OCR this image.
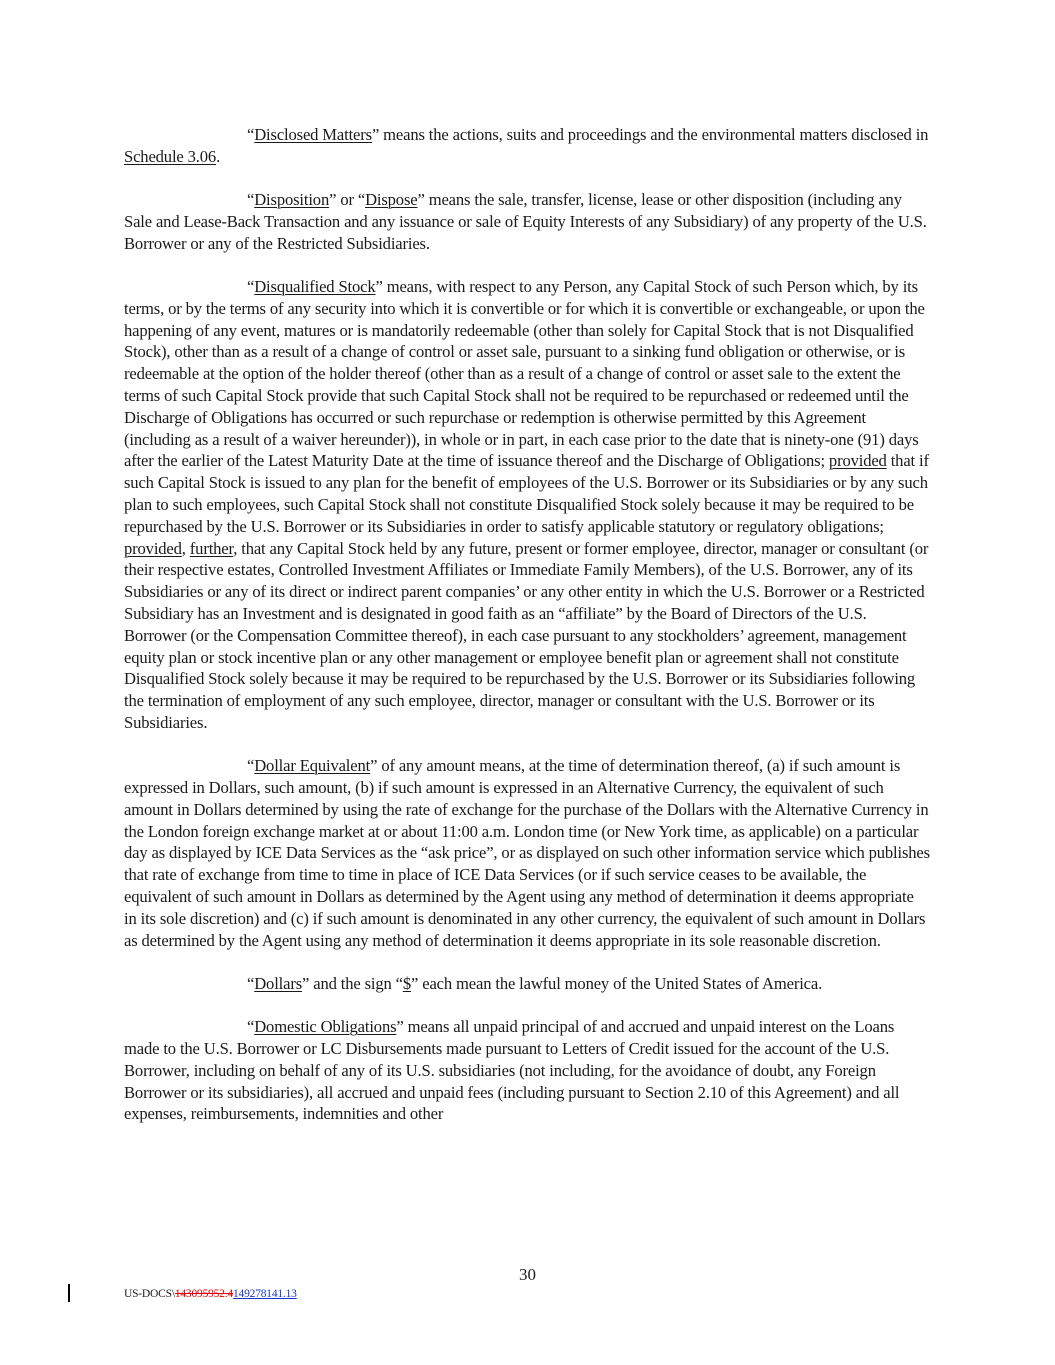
“Disclosed Matters” means the actions, suits and proceedings and the environmental matters disclosed in Schedule 3.06.

“Disposition” or “Dispose” means the sale, transfer, license, lease or other disposition (including any Sale and Lease-Back Transaction and any issuance or sale of Equity Interests of any Subsidiary) of any property of the U.S. Borrower or any of the Restricted Subsidiaries.

“Disqualified Stock” means, with respect to any Person, any Capital Stock of such Person which, by its terms, or by the terms of any security into which it is convertible or for which it is convertible or exchangeable, or upon the happening of any event, matures or is mandatorily redeemable (other than solely for Capital Stock that is not Disqualified Stock), other than as a result of a change of control or asset sale, pursuant to a sinking fund obligation or otherwise, or is redeemable at the option of the holder thereof (other than as a result of a change of control or asset sale to the extent the terms of such Capital Stock provide that such Capital Stock shall not be required to be repurchased or redeemed until the Discharge of Obligations has occurred or such repurchase or redemption is otherwise permitted by this Agreement (including as a result of a waiver hereunder)), in whole or in part, in each case prior to the date that is ninety-one (91) days after the earlier of the Latest Maturity Date at the time of issuance thereof and the Discharge of Obligations; provided that if such Capital Stock is issued to any plan for the benefit of employees of the U.S. Borrower or its Subsidiaries or by any such plan to such employees, such Capital Stock shall not constitute Disqualified Stock solely because it may be required to be repurchased by the U.S. Borrower or its Subsidiaries in order to satisfy applicable statutory or regulatory obligations; provided, further, that any Capital Stock held by any future, present or former employee, director, manager or consultant (or their respective estates, Controlled Investment Affiliates or Immediate Family Members), of the U.S. Borrower, any of its Subsidiaries or any of its direct or indirect parent companies’ or any other entity in which the U.S. Borrower or a Restricted Subsidiary has an Investment and is designated in good faith as an “affiliate” by the Board of Directors of the U.S. Borrower (or the Compensation Committee thereof), in each case pursuant to any stockholders’ agreement, management equity plan or stock incentive plan or any other management or employee benefit plan or agreement shall not constitute Disqualified Stock solely because it may be required to be repurchased by the U.S. Borrower or its Subsidiaries following the termination of employment of any such employee, director, manager or consultant with the U.S. Borrower or its Subsidiaries.

“Dollar Equivalent” of any amount means, at the time of determination thereof, (a) if such amount is expressed in Dollars, such amount, (b) if such amount is expressed in an Alternative Currency, the equivalent of such amount in Dollars determined by using the rate of exchange for the purchase of the Dollars with the Alternative Currency in the London foreign exchange market at or about 11:00 a.m. London time (or New York time, as applicable) on a particular day as displayed by ICE Data Services as the “ask price”, or as displayed on such other information service which publishes that rate of exchange from time to time in place of ICE Data Services (or if such service ceases to be available, the equivalent of such amount in Dollars as determined by the Agent using any method of determination it deems appropriate in its sole discretion) and (c) if such amount is denominated in any other currency, the equivalent of such amount in Dollars as determined by the Agent using any method of determination it deems appropriate in its sole reasonable discretion.

“Dollars” and the sign “$” each mean the lawful money of the United States of America.

“Domestic Obligations” means all unpaid principal of and accrued and unpaid interest on the Loans made to the U.S. Borrower or LC Disbursements made pursuant to Letters of Credit issued for the account of the U.S. Borrower, including on behalf of any of its U.S. subsidiaries (not including, for the avoidance of doubt, any Foreign Borrower or its subsidiaries), all accrued and unpaid fees (including pursuant to Section 2.10 of this Agreement) and all expenses, reimbursements, indemnities and other

30
US-DOCS\143095952.4149278141.13
